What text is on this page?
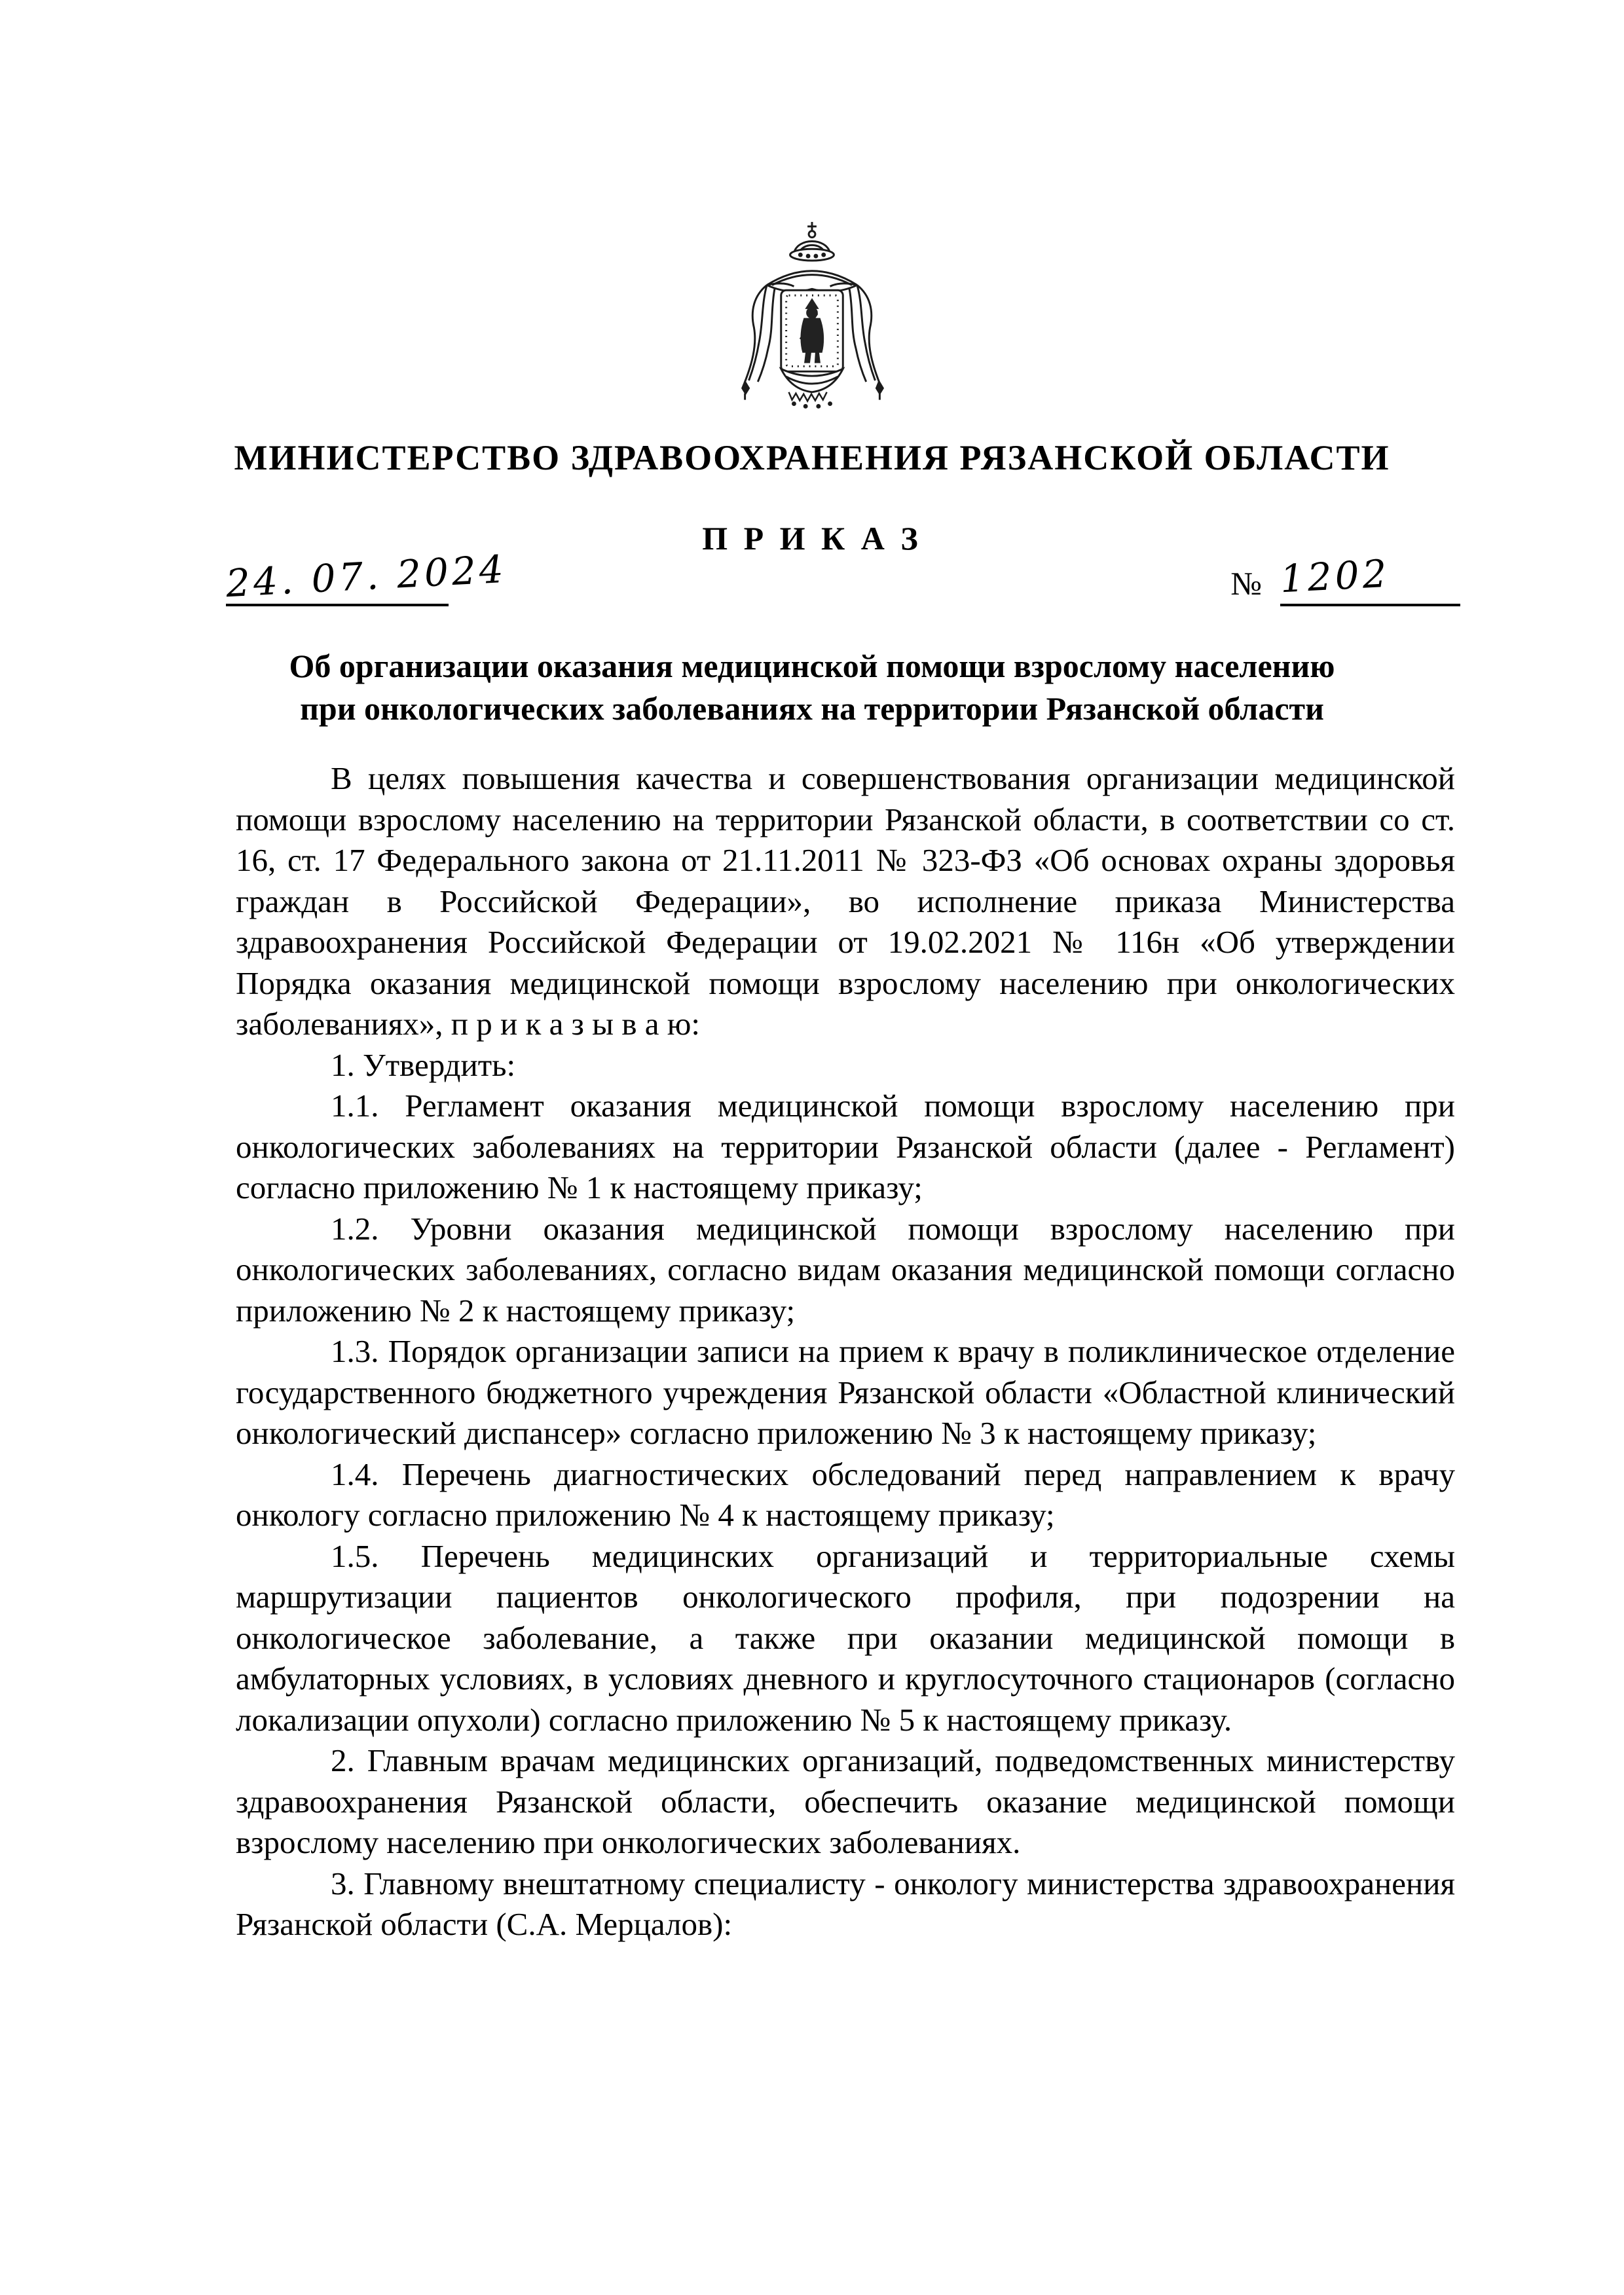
МИНИСТЕРСТВО ЗДРАВООХРАНЕНИЯ РЯЗАНСКОЙ ОБЛАСТИ
П Р И К А З
24. 07. 2024	№ 1202
Об организации оказания медицинской помощи взрослому населению
при онкологических заболеваниях на территории Рязанской области

В целях повышения качества и совершенствования организации медицинской помощи взрослому населению на территории Рязанской области, в соответствии со ст. 16, ст. 17 Федерального закона от 21.11.2011 № 323-ФЗ «Об основах охраны здоровья граждан в Российской Федерации», во исполнение приказа Министерства здравоохранения Российской Федерации от 19.02.2021 № 116н «Об утверждении Порядка оказания медицинской помощи взрослому населению при онкологических заболеваниях», п р и к а з ы в а ю:

1. Утвердить:

1.1. Регламент оказания медицинской помощи взрослому населению при онкологических заболеваниях на территории Рязанской области (далее - Регламент) согласно приложению № 1 к настоящему приказу;

1.2. Уровни оказания медицинской помощи взрослому населению при онкологических заболеваниях, согласно видам оказания медицинской помощи согласно приложению № 2 к настоящему приказу;

1.3. Порядок организации записи на прием к врачу в поликлиническое отделение государственного бюджетного учреждения Рязанской области «Областной клинический онкологический диспансер» согласно приложению № 3 к настоящему приказу;

1.4. Перечень диагностических обследований перед направлением к врачу онкологу согласно приложению № 4 к настоящему приказу;

1.5. Перечень медицинских организаций и территориальные схемы маршрутизации пациентов онкологического профиля, при подозрении на онкологическое заболевание, а также при оказании медицинской помощи в амбулаторных условиях, в условиях дневного и круглосуточного стационаров (согласно локализации опухоли) согласно приложению № 5 к настоящему приказу.

2. Главным врачам медицинских организаций, подведомственных министерству здравоохранения Рязанской области, обеспечить оказание медицинской помощи взрослому населению при онкологических заболеваниях.

3. Главному внештатному специалисту - онкологу министерства здравоохранения Рязанской области (С.А. Мерцалов):
